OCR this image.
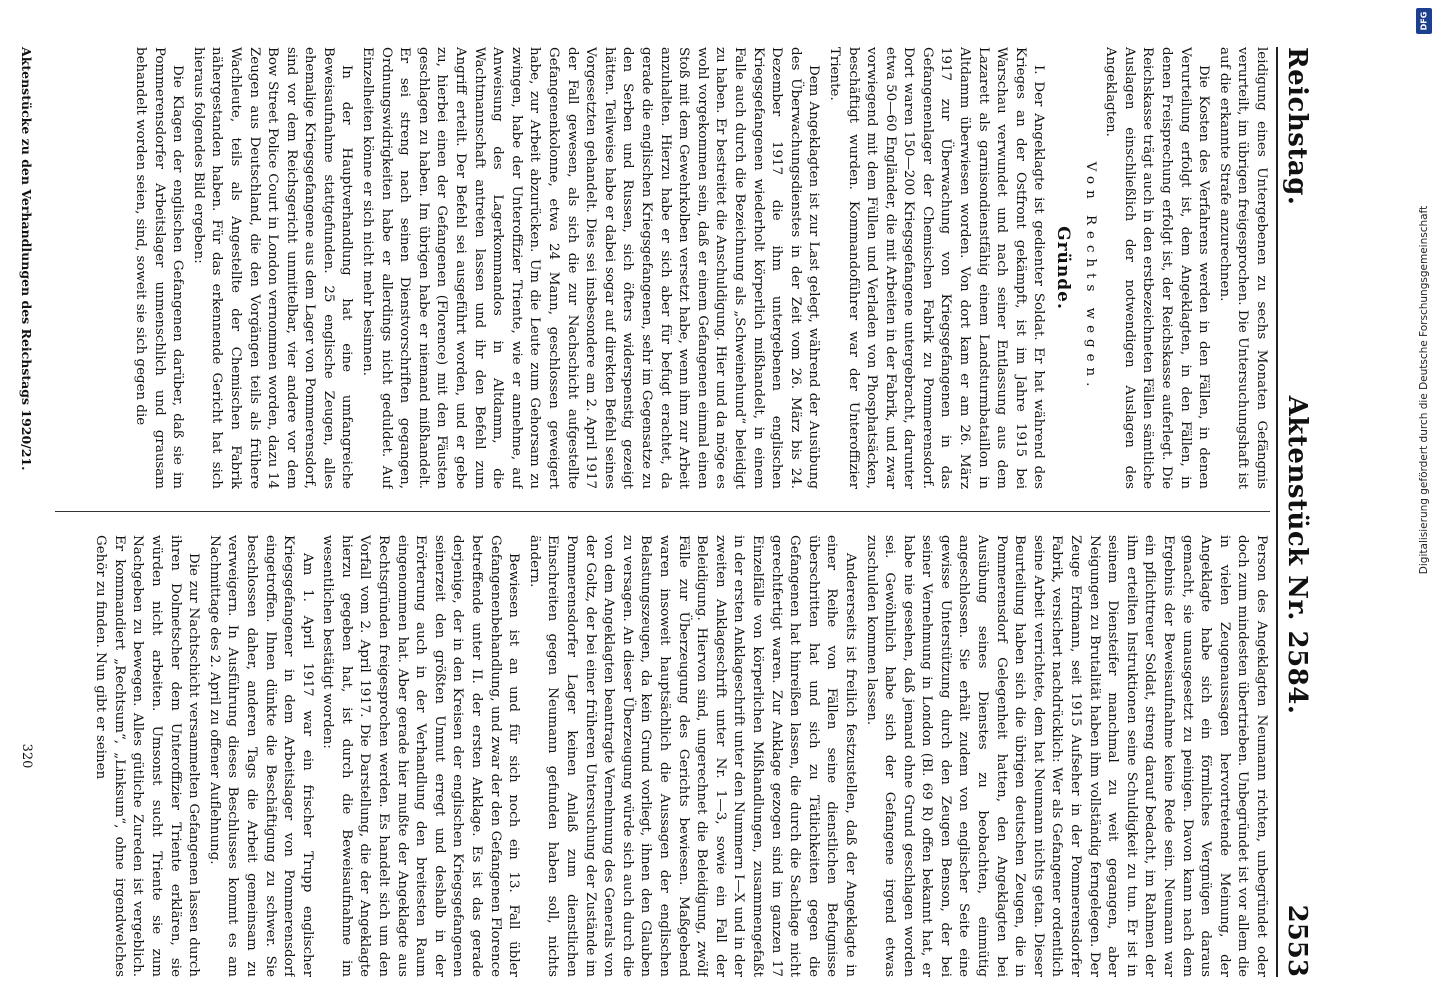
Reichstag.
Aktenstück Nr. 2584.
2553

leidigung eines Untergebenen zu sechs Monaten Gefängnis verurteilt, im übrigen freigesprochen. Die Untersuchungshaft ist auf die erkannte Strafe anzurechnen.

Die Kosten des Verfahrens werden in den Fällen, in denen Verurteilung erfolgt ist, dem Angeklagten, in den Fällen, in denen Freisprechung erfolgt ist, der Reichskasse auferlegt. Die Reichskasse trägt auch in den erstbezeichneten Fällen sämtliche Auslagen einschließlich der notwendigen Auslagen des Angeklagten.

Von Rechts wegen.

Gründe.

I. Der Angeklagte ist gedienter Soldat. Er hat während des Krieges an der Ostfront gekämpft, ist im Jahre 1915 bei Warschau verwundet und nach seiner Entlassung aus dem Lazarett als garnisondienstfähig einem Landsturmbataillon in Altdamm überwiesen worden. Von dort kam er am 26. März 1917 zur Überwachung von Kriegsgefangenen in das Gefangenenlager der Chemischen Fabrik zu Pommerensdorf. Dort waren 150—200 Kriegsgefangene untergebracht, darunter etwa 50—60 Engländer, die mit Arbeiten in der Fabrik, und zwar vorwiegend mit dem Füllen und Verladen von Phosphatsäcken, beschäftigt wurden. Kommandoführer war der Unteroffizier Triente.

Dem Angeklagten ist zur Last gelegt, während der Ausübung des Überwachungsdienstes in der Zeit vom 26. März bis 24. Dezember 1917 die ihm untergebenen englischen Kriegsgefangenen wiederholt körperlich mißhandelt, in einem Falle auch durch die Bezeichnung als „Schweinehund“ beleidigt zu haben. Er bestreitet die Anschuldigung. Hier und da möge es wohl vorgekommen sein, daß er einem Gefangenen einmal einen Stoß mit dem Gewehrkolben versetzt habe, wenn ihm zur Arbeit anzuhalten. Hierzu habe er sich aber für befugt erachtet, da gerade die englischen Kriegsgefangenen, sehr im Gegensatze zu den Serben und Russen, sich öfters widerspenstig gezeigt hätten. Teilweise habe er dabei sogar auf direkten Befehl seines Vorgesetzten gehandelt. Dies sei insbesondere am 2. April 1917 der Fall gewesen, als sich die zur Nachschicht aufgestellte Gefangenenkolonne, etwa 24 Mann, geschlossen geweigert habe, zur Arbeit abzurücken. Um die Leute zum Gehorsam zu zwingen, habe der Unteroffizier Triente, wie er annehme, auf Anweisung des Lagerkommandos in Altdamm, die Wachtmannschaft antreten lassen und ihr den Befehl zum Angriff erteilt. Der Befehl sei ausgeführt worden, und er gebe zu, hierbei einen der Gefangenen (Florence) mit den Fäusten geschlagen zu haben. Im übrigen habe er niemand mißhandelt. Er sei streng nach seinen Dienstvorschriften gegangen, Ordnungswidrigkeiten habe er allerdings nicht geduldet. Auf Einzelheiten könne er sich nicht mehr besinnen.

In der Hauptverhandlung hat eine umfangreiche Beweisaufnahme stattgefunden. 25 englische Zeugen, alles ehemalige Kriegsgefangene aus dem Lager von Pommerensdorf, sind vor dem Reichsgericht unmittelbar, vier andere vor dem Bow Street Police Court in London vernommen worden, dazu 14 Zeugen aus Deutschland, die den Vorgängen teils als frühere Wachleute, teils als Angestellte der Chemischen Fabrik nähergestanden haben. Für das erkennende Gericht hat sich hieraus folgendes Bild ergeben:

Die Klagen der englischen Gefangenen darüber, daß sie im Pommerensdorfer Arbeitslager unmenschlich und grausam behandelt worden seien, sind, soweit sie sich gegen die

Person des Angeklagten Neumann richten, unbegründet oder doch zum mindesten übertrieben. Unbegründet ist vor allem die in vielen Zeugenaussagen hervortretende Meinung, der Angeklagte habe sich ein förmliches Vergnügen daraus gemacht, sie unausgesetzt zu peinigen. Davon kann nach dem Ergebnis der Beweisaufnahme keine Rede sein. Neumann war ein pflichttreuer Soldat, streng darauf bedacht, im Rahmen der ihm erteilten Instruktionen seine Schuldigkeit zu tun. Er ist in seinem Diensteifer manchmal zu weit gegangen, aber Neigungen zu Brutalität haben ihm vollständig ferngelegen. Der Zeuge Erdmann, seit 1915 Aufseher in der Pommerensdorfer Fabrik, versichert nachdrücklich: Wer als Gefangener ordentlich seine Arbeit verrichtete, dem hat Neumann nichts getan. Dieser Beurteilung haben sich die übrigen deutschen Zeugen, die in Pommerensdorf Gelegenheit hatten, den Angeklagten bei Ausübung seines Dienstes zu beobachten, einmütig angeschlossen. Sie erhält zudem von englischer Seite eine gewisse Unterstützung durch den Zeugen Benson, der bei seiner Vernehmung in London (Bl. 69 R) offen bekannt hat, er habe nie gesehen, daß jemand ohne Grund geschlagen worden sei. Gewöhnlich habe sich der Gefangene irgend etwas zuschulden kommen lassen.

Andererseits ist freilich festzustellen, daß der Angeklagte in einer Reihe von Fällen seine dienstlichen Befugnisse überschritten hat und sich zu Tätlichkeiten gegen die Gefangenen hat hinreißen lassen, die durch die Sachlage nicht gerechtfertigt waren. Zur Anklage gezogen sind im ganzen 17 Einzelfälle von körperlichen Mißhandlungen, zusammengefaßt in der ersten Anklageschrift unter den Nummern I—X und in der zweiten Anklageschrift unter Nr. 1—3, sowie ein Fall der Beleidigung. Hiervon sind, ungerechnet die Beleidigung, zwölf Fälle zur Überzeugung des Gerichts bewiesen. Maßgebend waren insoweit hauptsächlich die Aussagen der englischen Belastungszeugen, da kein Grund vorliegt, ihnen den Glauben zu versagen. An dieser Überzeugung würde sich auch durch die von dem Angeklagten beantragte Vernehmung des Generals von der Goltz, der bei einer früheren Untersuchung der Zustände im Pommerensdorfer Lager keinen Anlaß zum dienstlichen Einschreiten gegen Neumann gefunden haben soll, nichts ändern.

Bewiesen ist an und für sich noch ein 13. Fall übler Gefangenenbehandlung, und zwar der den Gefangenen Florence betreffende unter II. der ersten Anklage. Es ist das gerade derjenige, der in den Kreisen der englischen Kriegsgefangenen seinerzeit den größten Unmut erregt und deshalb in der Erörterung auch in der Verhandlung den breitesten Raum eingenommen hat. Aber gerade hier mußte der Angeklagte aus Rechtsgründen freigesprochen werden. Es handelt sich um den Vorfall vom 2. April 1917. Die Darstellung, die der Angeklagte hierzu gegeben hat, ist durch die Beweisaufnahme im wesentlichen bestätigt worden:

Am 1. April 1917 war ein frischer Trupp englischer Kriegsgefangener in dem Arbeitslager von Pommerensdorf eingetroffen. Ihnen dünkte die Beschäftigung zu schwer. Sie beschlossen daher, anderen Tags die Arbeit gemeinsam zu verweigern. In Ausführung dieses Beschlusses kommt es am Nachmittage des 2. April zu offener Auflehnung.

Die zur Nachtschicht versammelten Gefangenen lassen durch ihren Dolmetscher dem Unteroffizier Triente erklären, sie würden nicht arbeiten. Umsonst sucht Triente sie zum Nachgeben zu bewegen. Alles gütliche Zureden ist vergeblich. Er kommandiert „Rechtsum“, „Linksum“, ohne irgendwelches Gehör zu finden. Nun gibt er seinen

Aktenstücke zu den Verhandlungen des Reichstags 1920/21.
320
DFG
Digitalisierung gefördert durch die Deutsche Forschungsgemeinschaft
